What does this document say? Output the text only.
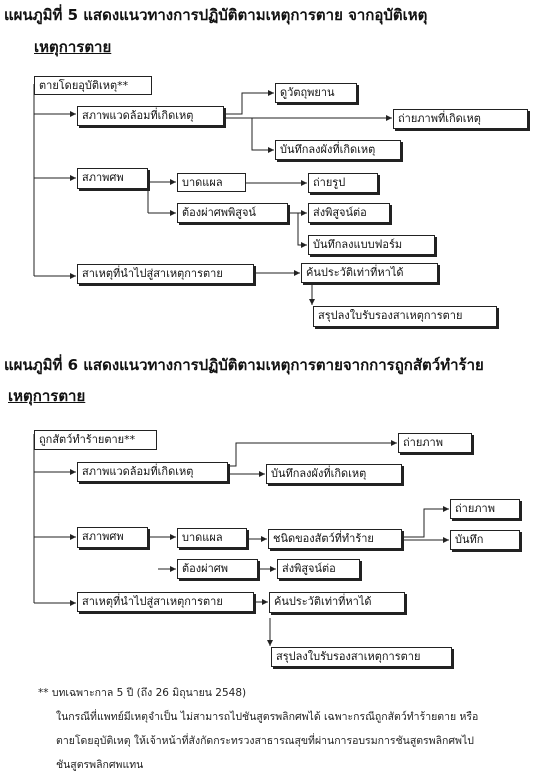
แผนภูมิที่ 5 แสดงแนวทางการปฏิบัติตามเหตุการตาย จากอุบัติเหตุ
เหตุการตาย
ตายโดยอุบัติเหตุ**
สภาพแวดล้อมที่เกิดเหตุ
ดูวัตถุพยาน
ถ่ายภาพที่เกิดเหตุ
บันทึกลงผังที่เกิดเหตุ
สภาพศพ	บาดแผล	ถ่ายรูป
ต้องผ่าศพพิสูจน์	ส่งพิสูจน์ต่อ
บันทึกลงแบบฟอร์ม
สาเหตุที่นำไปสู่สาเหตุการตาย	ค้นประวัติเท่าที่หาได้
สรุปลงใบรับรองสาเหตุการตาย
แผนภูมิที่ 6 แสดงแนวทางการปฏิบัติตามเหตุการตายจากการถูกสัตว์ทำร้าย
เหตุการตาย
ถูกสัตว์ทำร้ายตาย**	ถ่ายภาพ
สภาพแวดล้อมที่เกิดเหตุ	บันทึกลงผังที่เกิดเหตุ
ถ่ายภาพ
สภาพศพ	บาดแผล	ชนิดของสัตว์ที่ทำร้าย	บันทึก
ต้องผ่าศพ	ส่งพิสูจน์ต่อ
สาเหตุที่นำไปสู่สาเหตุการตาย	ค้นประวัติเท่าที่หาได้
สรุปลงใบรับรองสาเหตุการตาย
** บทเฉพาะกาล 5 ปี (ถึง 26 มิถุนายน 2548)
ในกรณีที่แพทย์มีเหตุจำเป็น ไม่สามารถไปชันสูตรพลิกศพได้ เฉพาะกรณีถูกสัตว์ทำร้ายตาย หรือ
ตายโดยอุบัติเหตุ ให้เจ้าหน้าที่สังกัดกระทรวงสาธารณสุขที่ผ่านการอบรมการชันสูตรพลิกศพไป
ชันสูตรพลิกศพแทน
